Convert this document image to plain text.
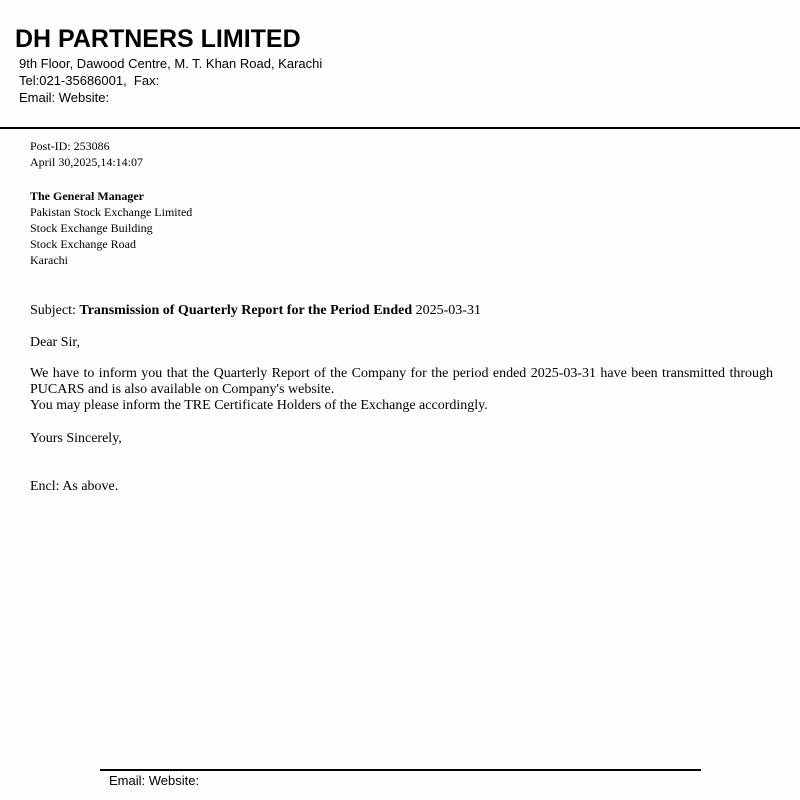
DH PARTNERS LIMITED
9th Floor, Dawood Centre, M. T. Khan Road, Karachi
Tel:021-35686001,  Fax:
Email: Website:
Post-ID: 253086
April 30,2025,14:14:07
The General Manager
Pakistan Stock Exchange Limited
Stock Exchange Building
Stock Exchange Road
Karachi
Subject: Transmission of Quarterly Report for the Period Ended 2025-03-31
Dear Sir,

We have to inform you that the Quarterly Report of the Company for the period ended 2025-03-31 have been transmitted through PUCARS and is also available on Company's website.

You may please inform the TRE Certificate Holders of the Exchange accordingly.

Yours Sincerely,
Encl: As above.
Email: Website:
